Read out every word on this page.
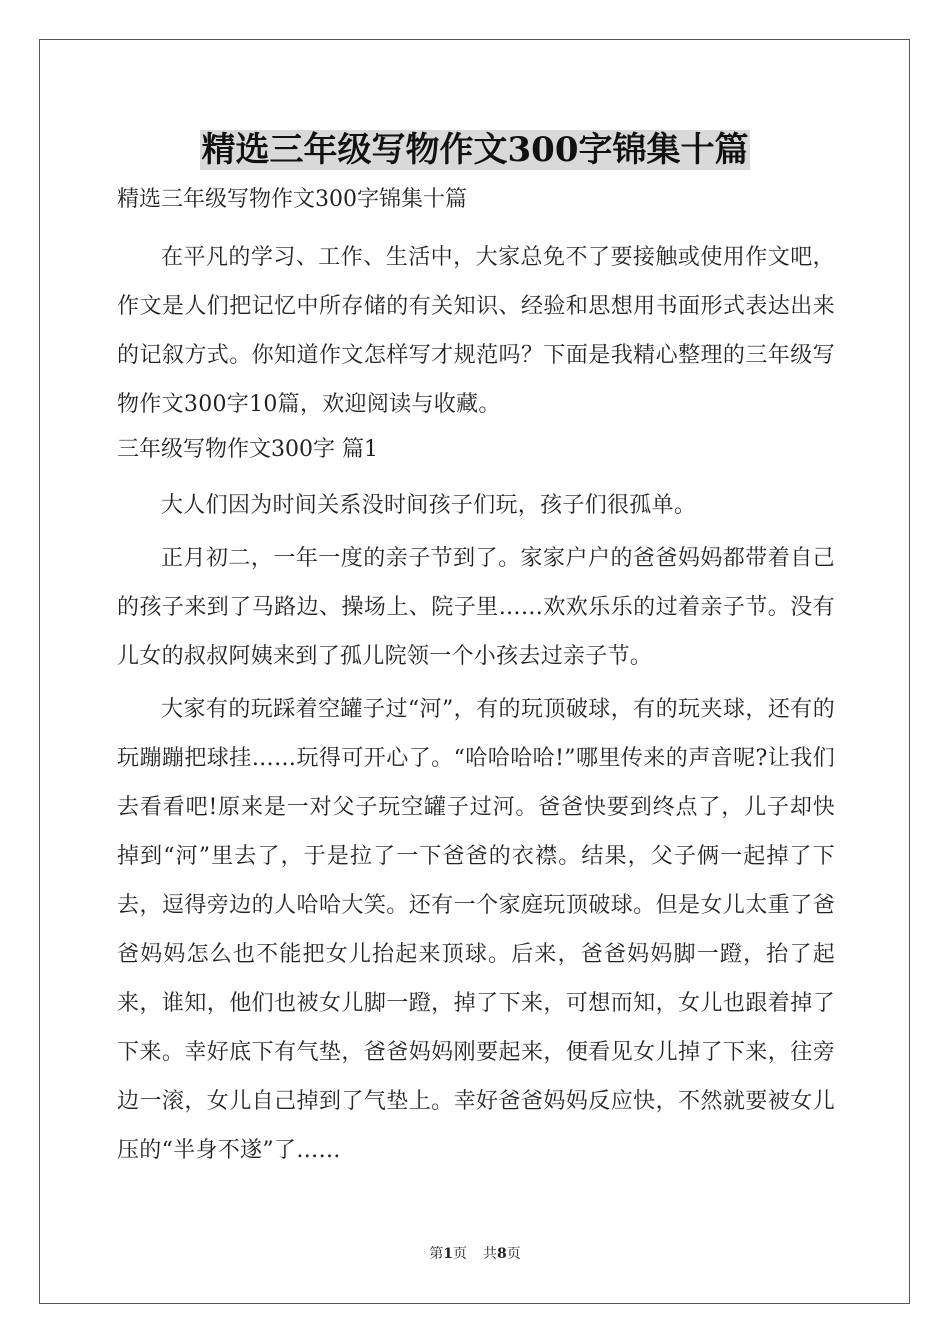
精选三年级写物作文300字锦集十篇

精选三年级写物作文300字锦集十篇

在平凡的学习、工作、生活中，大家总免不了要接触或使用作文吧，作文是人们把记忆中所存储的有关知识、经验和思想用书面形式表达出来的记叙方式。你知道作文怎样写才规范吗？下面是我精心整理的三年级写物作文300字10篇，欢迎阅读与收藏。

三年级写物作文300字 篇1

大人们因为时间关系没时间孩子们玩，孩子们很孤单。

正月初二，一年一度的亲子节到了。家家户户的爸爸妈妈都带着自己的孩子来到了马路边、操场上、院子里……欢欢乐乐的过着亲子节。没有儿女的叔叔阿姨来到了孤儿院领一个小孩去过亲子节。

大家有的玩踩着空罐子过“河”，有的玩顶破球，有的玩夹球，还有的玩蹦蹦把球挂……玩得可开心了。“哈哈哈哈!”哪里传来的声音呢?让我们去看看吧!原来是一对父子玩空罐子过河。爸爸快要到终点了，儿子却快掉到“河”里去了，于是拉了一下爸爸的衣襟。结果，父子俩一起掉了下去，逗得旁边的人哈哈大笑。还有一个家庭玩顶破球。但是女儿太重了爸爸妈妈怎么也不能把女儿抬起来顶球。后来，爸爸妈妈脚一蹬，抬了起来，谁知，他们也被女儿脚一蹬，掉了下来，可想而知，女儿也跟着掉了下来。幸好底下有气垫，爸爸妈妈刚要起来，便看见女儿掉了下来，往旁边一滚，女儿自己掉到了气垫上。幸好爸爸妈妈反应快，不然就要被女儿压的“半身不遂”了……

第1页 共8页
